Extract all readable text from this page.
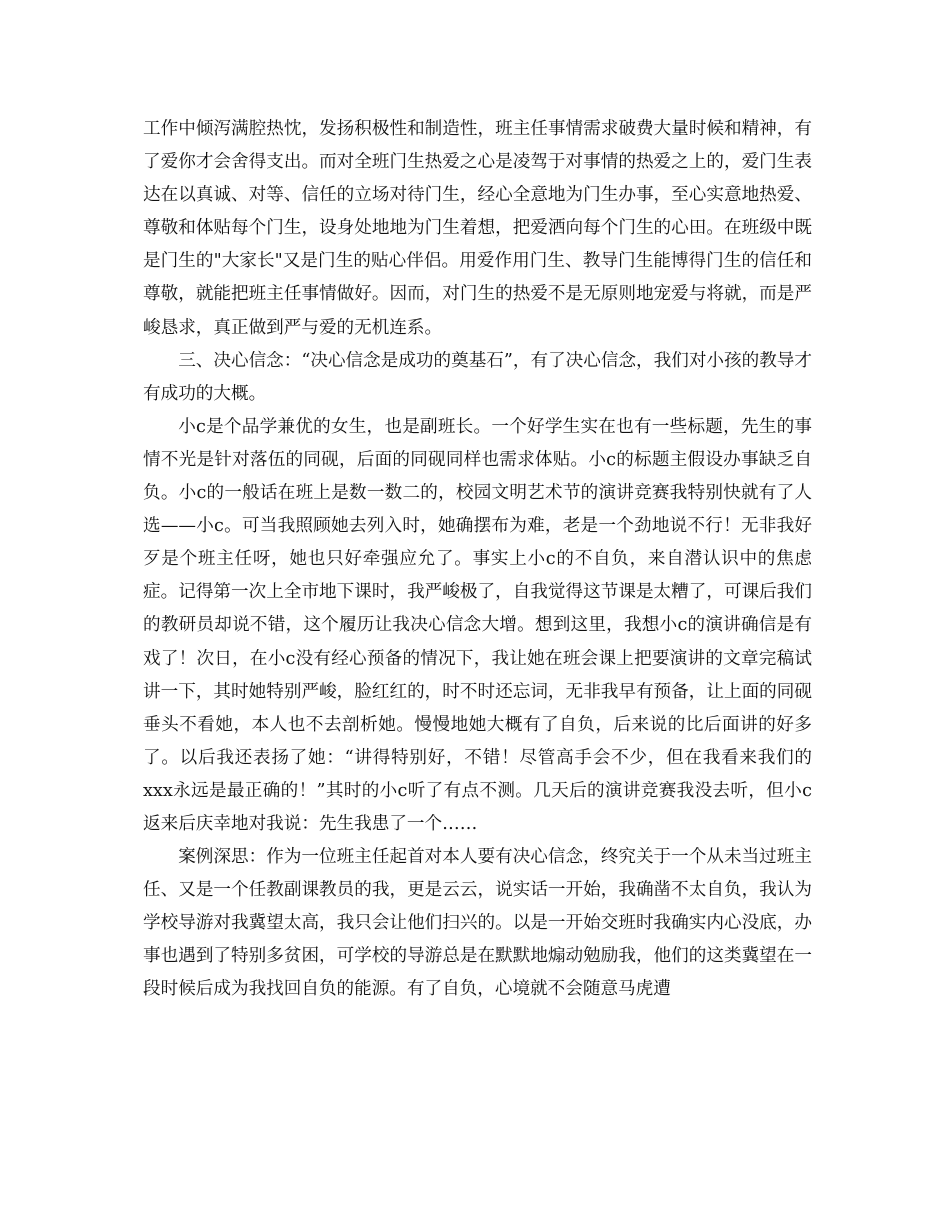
工作中倾泻满腔热忱，发扬积极性和制造性，班主任事情需求破费大量时候和精神，有了爱你才会舍得支出。而对全班门生热爱之心是凌驾于对事情的热爱之上的，爱门生表达在以真诚、对等、信任的立场对待门生，经心全意地为门生办事，至心实意地热爱、尊敬和体贴每个门生，设身处地地为门生着想，把爱洒向每个门生的心田。在班级中既是门生的"大家长"又是门生的贴心伴侣。用爱作用门生、教导门生能博得门生的信任和尊敬，就能把班主任事情做好。因而，对门生的热爱不是无原则地宠爱与将就，而是严峻恳求，真正做到严与爱的无机连系。

三、决心信念：“决心信念是成功的奠基石”，有了决心信念，我们对小孩的教导才有成功的大概。

小c是个品学兼优的女生，也是副班长。一个好学生实在也有一些标题，先生的事情不光是针对落伍的同砚，后面的同砚同样也需求体贴。小c的标题主假设办事缺乏自负。小c的一般话在班上是数一数二的，校园文明艺术节的演讲竞赛我特别快就有了人选——小c。可当我照顾她去列入时，她确摆布为难，老是一个劲地说不行！无非我好歹是个班主任呀，她也只好牵强应允了。事实上小c的不自负，来自潜认识中的焦虑症。记得第一次上全市地下课时，我严峻极了，自我觉得这节课是太糟了，可课后我们的教研员却说不错，这个履历让我决心信念大增。想到这里，我想小c的演讲确信是有戏了！次日，在小c没有经心预备的情况下，我让她在班会课上把要演讲的文章完稿试讲一下，其时她特别严峻，脸红红的，时不时还忘词，无非我早有预备，让上面的同砚垂头不看她，本人也不去剖析她。慢慢地她大概有了自负，后来说的比后面讲的好多了。以后我还表扬了她：“讲得特别好，不错！尽管高手会不少，但在我看来我们的xxx永远是最正确的！”其时的小c听了有点不测。几天后的演讲竞赛我没去听，但小c返来后庆幸地对我说：先生我患了一个……

案例深思：作为一位班主任起首对本人要有决心信念，终究关于一个从未当过班主任、又是一个任教副课教员的我，更是云云，说实话一开始，我确凿不太自负，我认为学校导游对我冀望太高，我只会让他们扫兴的。以是一开始交班时我确实内心没底，办事也遇到了特别多贫困，可学校的导游总是在默默地煽动勉励我，他们的这类冀望在一段时候后成为我找回自负的能源。有了自负，心境就不会随意马虎遭
